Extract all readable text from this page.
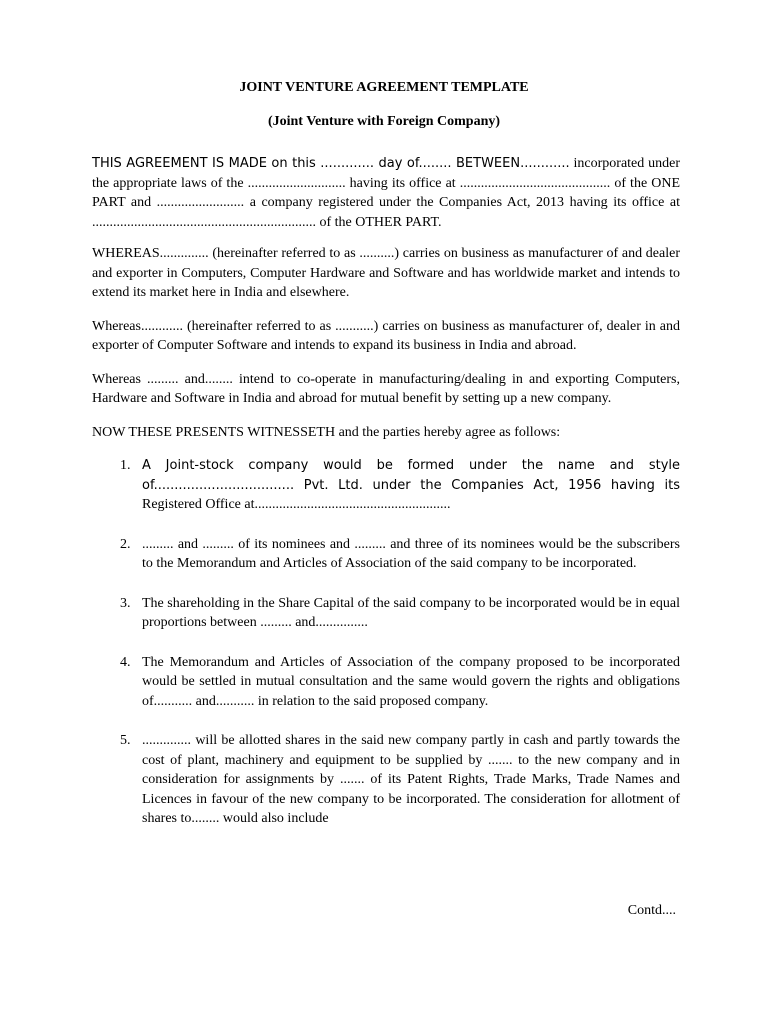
JOINT VENTURE AGREEMENT TEMPLATE
(Joint Venture with Foreign Company)

THIS AGREEMENT IS MADE on this ............. day of........ BETWEEN............ incorporated under the appropriate laws of the ............................ having its office at ........................................... of the ONE PART and ......................... a company registered under the Companies Act, 2013 having its office at ................................................................ of the OTHER PART.

WHEREAS.............. (hereinafter referred to as ..........) carries on business as manufacturer of and dealer and exporter in Computers, Computer Hardware and Software and has worldwide market and intends to extend its market here in India and elsewhere.

Whereas............ (hereinafter referred to as ...........) carries on business as manufacturer of, dealer in and exporter of Computer Software and intends to expand its business in India and abroad.

Whereas ......... and........ intend to co-operate in manufacturing/dealing in and exporting Computers, Hardware and Software in India and abroad for mutual benefit by setting up a new company.

NOW THESE PRESENTS WITNESSETH and the parties hereby agree as follows:

1. A Joint-stock company would be formed under the name and style of.................................. Pvt. Ltd. under the Companies Act, 1956 having its Registered Office at........................................................
2. ......... and ......... of its nominees and ......... and three of its nominees would be the subscribers to the Memorandum and Articles of Association of the said company to be incorporated.
3. The shareholding in the Share Capital of the said company to be incorporated would be in equal proportions between ......... and...............
4. The Memorandum and Articles of Association of the company proposed to be incorporated would be settled in mutual consultation and the same would govern the rights and obligations of........... and........... in relation to the said proposed company.
5. .............. will be allotted shares in the said new company partly in cash and partly towards the cost of plant, machinery and equipment to be supplied by ....... to the new company and in consideration for assignments by ....... of its Patent Rights, Trade Marks, Trade Names and Licences in favour of the new company to be incorporated. The consideration for allotment of shares to........ would also include
Contd....
